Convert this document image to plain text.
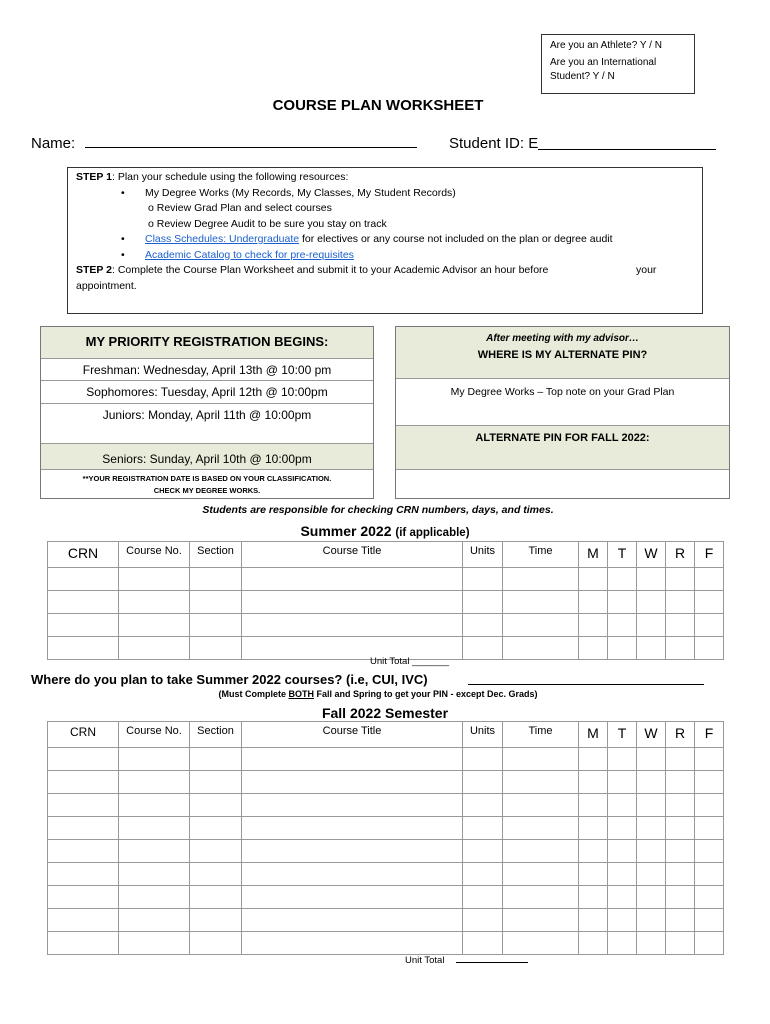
Are you an Athlete? Y / N
Are you an International Student? Y / N
COURSE PLAN WORKSHEET
Name:	Student ID: E
STEP 1: Plan your schedule using the following resources:
•	My Degree Works (My Records, My Classes, My Student Records)
o Review Grad Plan and select courses
o Review Degree Audit to be sure you stay on track
•	Class Schedules: Undergraduate for electives or any course not included on the plan or degree audit
•	Academic Catalog to check for pre-requisites
STEP 2: Complete the Course Plan Worksheet and submit it to your Academic Advisor an hour before	your
appointment.
MY PRIORITY REGISTRATION BEGINS:
Freshman: Wednesday, April 13th @ 10:00 pm
Sophomores: Tuesday, April 12th @ 10:00pm
Juniors: Monday, April 11th @ 10:00pm
Seniors: Sunday, April 10th @ 10:00pm
**YOUR REGISTRATION DATE IS BASED ON YOUR CLASSIFICATION. CHECK MY DEGREE WORKS.
After meeting with my advisor…
WHERE IS MY ALTERNATE PIN?
My Degree Works – Top note on your Grad Plan
ALTERNATE PIN FOR FALL 2022:
Students are responsible for checking CRN numbers, days, and times.
Summer 2022 (if applicable)
CRN	Course No.	Section	Course Title	Units	Time	M	T	W	R	F

Unit Total _______
Where do you plan to take Summer 2022 courses? (i.e, CUI, IVC)
(Must Complete BOTH Fall and Spring to get your PIN - except Dec. Grads)
Fall 2022 Semester
CRN	Course No.	Section	Course Title	Units	Time	M	T	W	R	F

Unit Total
